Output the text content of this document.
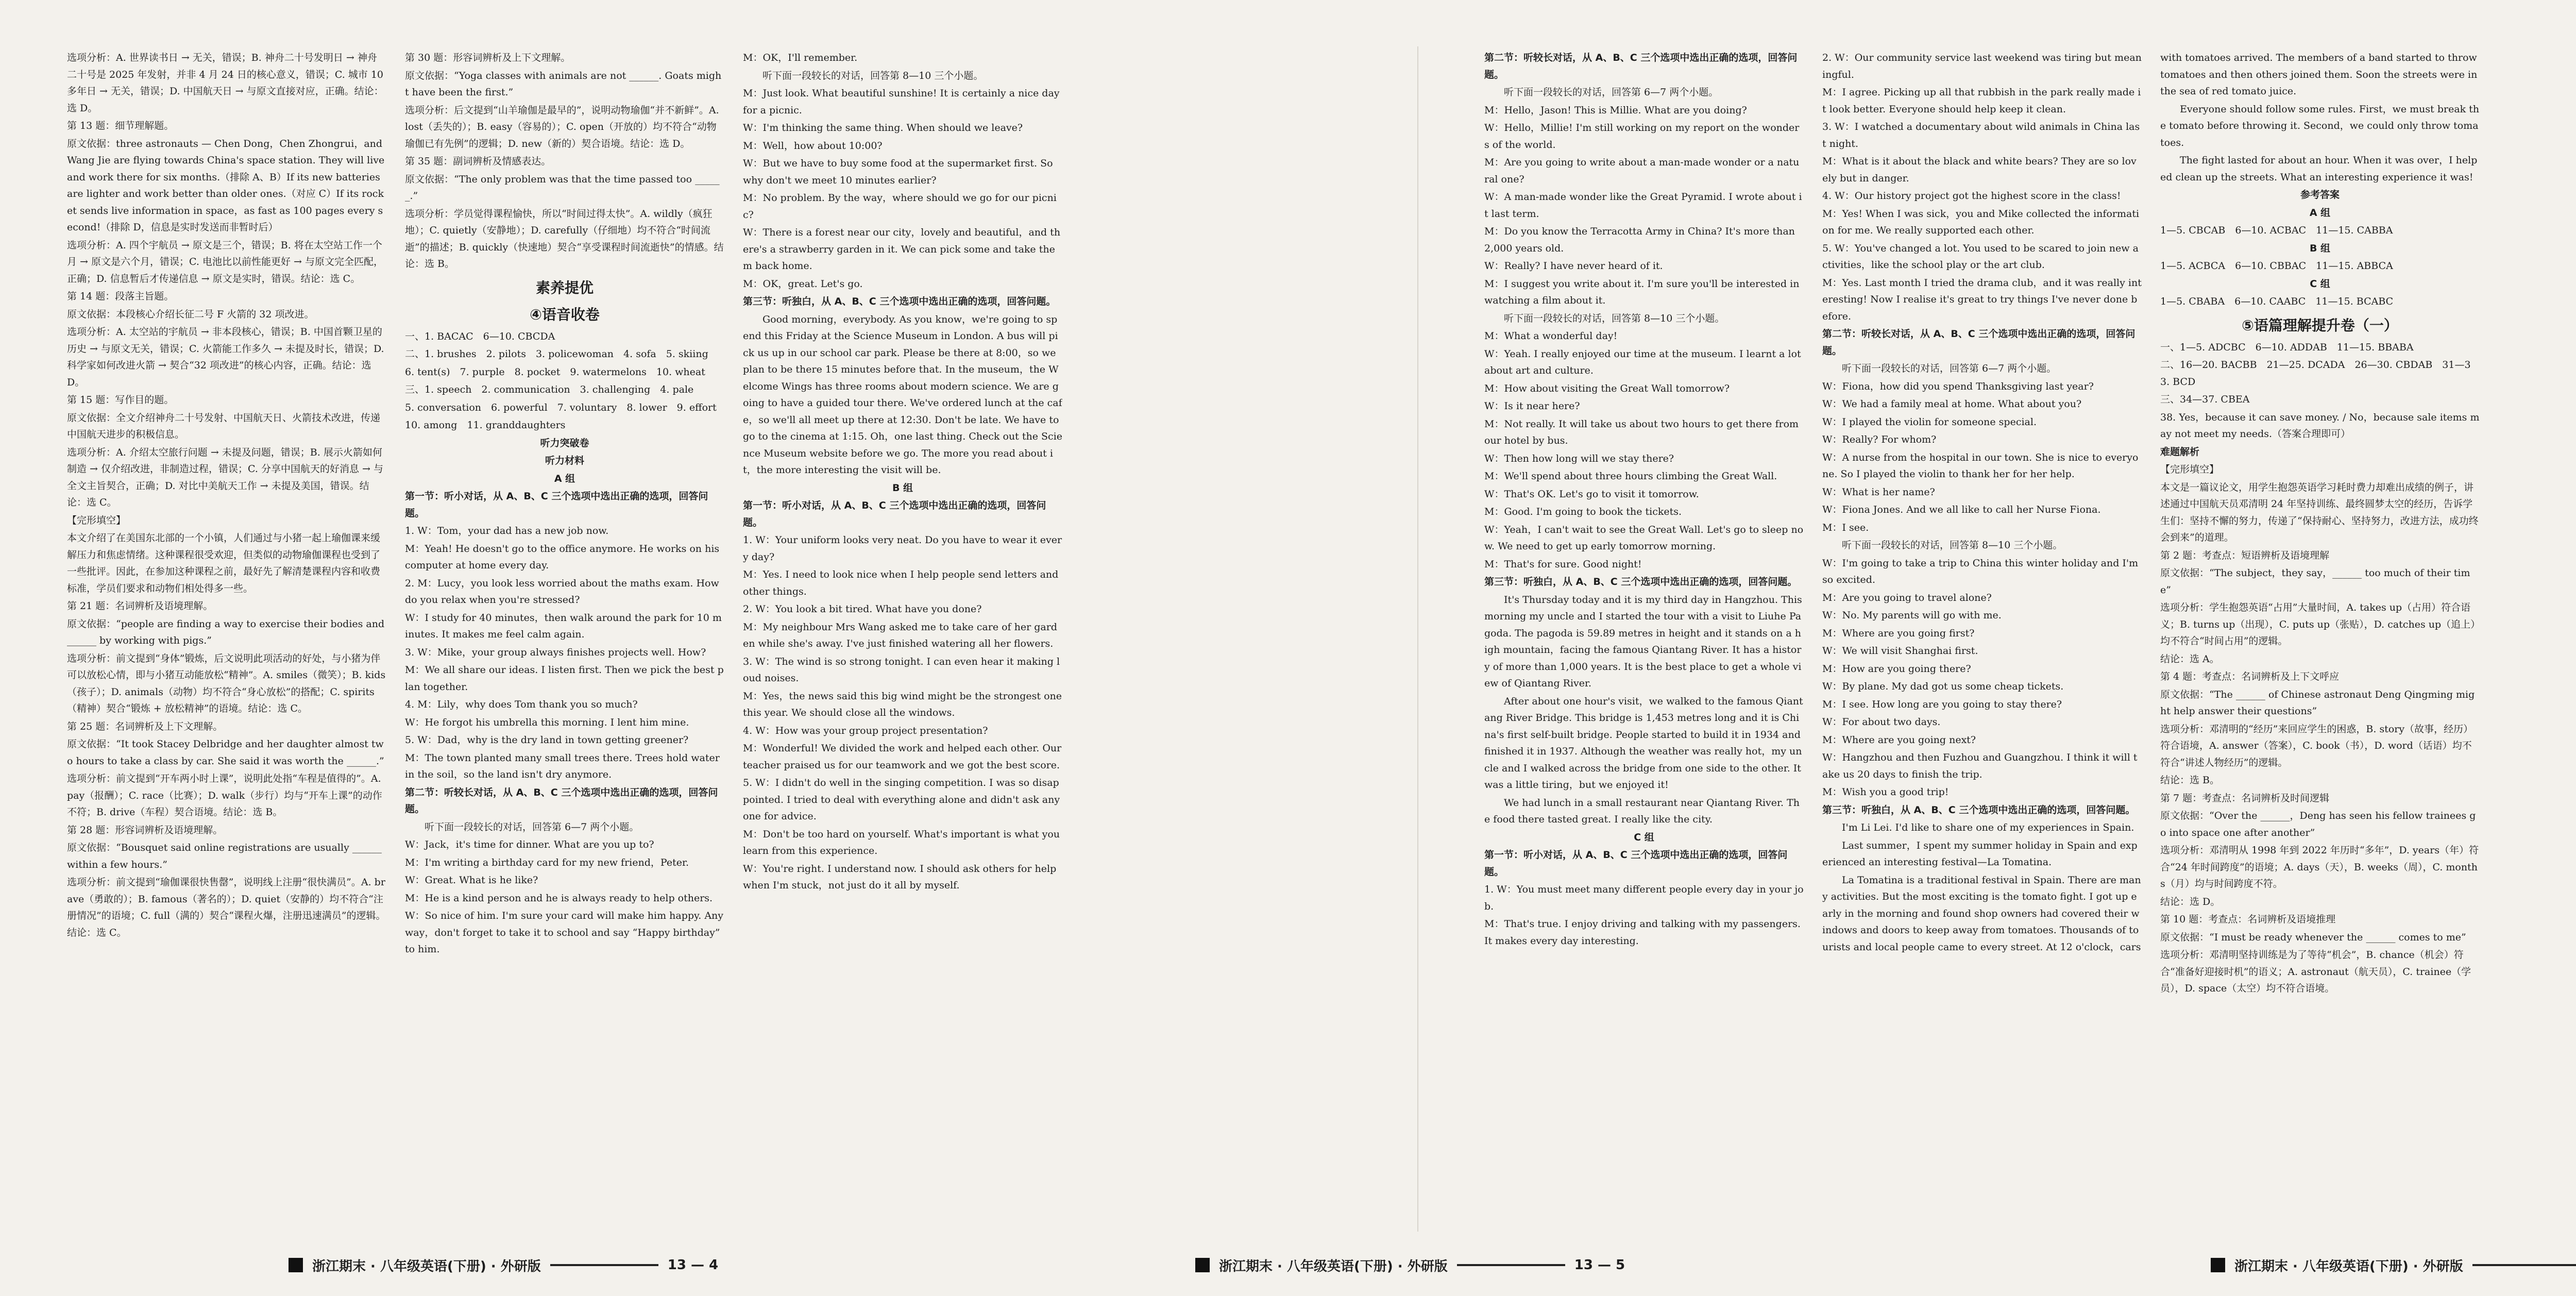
选项分析：A. 世界读书日 → 无关，错误；B. 神舟二十号发明日 → 神舟二十号是 2025 年发射，并非 4 月 24 日的核心意义，错误；C. 城市 10 多年日 → 无关，错误；D. 中国航天日 → 与原文直接对应，正确。结论：选 D。

第 13 题：细节理解题。

原文依据：three astronauts — Chen Dong，Chen Zhongrui，and Wang Jie are flying towards China's space station. They will live and work there for six months.（排除 A、B）If its new batteries are lighter and work better than older ones.（对应 C）If its rocket sends live information in space，as fast as 100 pages every second!（排除 D，信息是实时发送而非暂时后）

选项分析：A. 四个宇航员 → 原文是三个，错误；B. 将在太空站工作一个月 → 原文是六个月，错误；C. 电池比以前性能更好 → 与原文完全匹配，正确；D. 信息暂后才传递信息 → 原文是实时，错误。结论：选 C。

第 14 题：段落主旨题。

原文依据：本段核心介绍长征二号 F 火箭的 32 项改进。

选项分析：A. 太空站的宇航员 → 非本段核心，错误；B. 中国首颗卫星的历史 → 与原文无关，错误；C. 火箭能工作多久 → 未提及时长，错误；D. 科学家如何改进火箭 → 契合“32 项改进”的核心内容，正确。结论：选 D。

第 15 题：写作目的题。

原文依据：全文介绍神舟二十号发射、中国航天日、火箭技术改进，传递中国航天进步的积极信息。

选项分析：A. 介绍太空旅行问题 → 未提及问题，错误；B. 展示火箭如何制造 → 仅介绍改进，非制造过程，错误；C. 分享中国航天的好消息 → 与全文主旨契合，正确；D. 对比中美航天工作 → 未提及美国，错误。结论：选 C。

【完形填空】

本文介绍了在美国东北部的一个小镇，人们通过与小猪一起上瑜伽课来缓解压力和焦虑情绪。这种课程很受欢迎，但类似的动物瑜伽课程也受到了一些批评。因此，在参加这种课程之前，最好先了解清楚课程内容和收费标准，学员们要求和动物们相处得多一些。

第 21 题：名词辨析及语境理解。

原文依据：“people are finding a way to exercise their bodies and ______ by working with pigs.”

选项分析：前文提到“身体”锻炼，后文说明此项活动的好处，与小猪为伴可以放松心情，即与小猪互动能放松“精神”。A. smiles（微笑）；B. kids（孩子）；D. animals（动物）均不符合“身心放松”的搭配；C. spirits（精神）契合“锻炼 + 放松精神”的语境。结论：选 C。

第 25 题：名词辨析及上下文理解。

原文依据：“It took Stacey Delbridge and her daughter almost two hours to take a class by car. She said it was worth the ______.”

选项分析：前文提到“开车两小时上课”，说明此处指“车程是值得的”。A. pay（报酬）；C. race（比赛）；D. walk（步行）均与“开车上课”的动作不符；B. drive（车程）契合语境。结论：选 B。

第 28 题：形容词辨析及语境理解。

原文依据：“Bousquet said online registrations are usually ______ within a few hours.”

选项分析：前文提到“瑜伽课很快售罄”，说明线上注册“很快满员”。A. brave（勇敢的）；B. famous（著名的）；D. quiet（安静的）均不符合“注册情况”的语境；C. full（满的）契合“课程火爆，注册迅速满员”的逻辑。结论：选 C。

第 30 题：形容词辨析及上下文理解。

原文依据：“Yoga classes with animals are not ______. Goats might have been the first.”

选项分析：后文提到“山羊瑜伽是最早的”，说明动物瑜伽“并不新鲜”。A. lost（丢失的）；B. easy（容易的）；C. open（开放的）均不符合“动物瑜伽已有先例”的逻辑；D. new（新的）契合语境。结论：选 D。

第 35 题：副词辨析及情感表达。

原文依据：“The only problem was that the time passed too ______.”

选项分析：学员觉得课程愉快，所以“时间过得太快”。A. wildly（疯狂地）；C. quietly（安静地）；D. carefully（仔细地）均不符合“时间流逝”的描述；B. quickly（快速地）契合“享受课程时间流逝快”的情感。结论：选 B。

素养提优

④语音收卷

一、1. BACAC　6—10. CBCDA

二、1. brushes　2. pilots　3. policewoman　4. sofa　5. skiing

6. tent(s)　7. purple　8. pocket　9. watermelons　10. wheat

三、1. speech　2. communication　3. challenging　4. pale

5. conversation　6. powerful　7. voluntary　8. lower　9. effort

10. among　11. granddaughters

听力突破卷

听力材料

A 组

第一节：听小对话，从 A、B、C 三个选项中选出正确的选项，回答问题。

1. W：Tom，your dad has a new job now.

M：Yeah! He doesn't go to the office anymore. He works on his computer at home every day.

2. M：Lucy，you look less worried about the maths exam. How do you relax when you're stressed?

W：I study for 40 minutes，then walk around the park for 10 minutes. It makes me feel calm again.

3. W：Mike，your group always finishes projects well. How?

M：We all share our ideas. I listen first. Then we pick the best plan together.

4. M：Lily，why does Tom thank you so much?

W：He forgot his umbrella this morning. I lent him mine.

5. W：Dad，why is the dry land in town getting greener?

M：The town planted many small trees there. Trees hold water in the soil，so the land isn't dry anymore.

第二节：听较长对话，从 A、B、C 三个选项中选出正确的选项，回答问题。

听下面一段较长的对话，回答第 6—7 两个小题。

W：Jack，it's time for dinner. What are you up to?

M：I'm writing a birthday card for my new friend，Peter.

W：Great. What is he like?

M：He is a kind person and he is always ready to help others.

W：So nice of him. I'm sure your card will make him happy. Anyway，don't forget to take it to school and say “Happy birthday” to him.

M：OK，I'll remember.

听下面一段较长的对话，回答第 8—10 三个小题。

M：Just look. What beautiful sunshine! It is certainly a nice day for a picnic.

W：I'm thinking the same thing. When should we leave?

M：Well，how about 10:00?

W：But we have to buy some food at the supermarket first. So why don't we meet 10 minutes earlier?

M：No problem. By the way，where should we go for our picnic?

W：There is a forest near our city，lovely and beautiful，and there's a strawberry garden in it. We can pick some and take them back home.

M：OK，great. Let's go.

第三节：听独白，从 A、B、C 三个选项中选出正确的选项，回答问题。

Good morning，everybody. As you know，we're going to spend this Friday at the Science Museum in London. A bus will pick us up in our school car park. Please be there at 8:00，so we plan to be there 15 minutes before that. In the museum，the Welcome Wings has three rooms about modern science. We are going to have a guided tour there. We've ordered lunch at the cafe，so we'll all meet up there at 12:30. Don't be late. We have to go to the cinema at 1:15. Oh，one last thing. Check out the Science Museum website before we go. The more you read about it，the more interesting the visit will be.

B 组

第一节：听小对话，从 A、B、C 三个选项中选出正确的选项，回答问题。

1. W：Your uniform looks very neat. Do you have to wear it every day?

M：Yes. I need to look nice when I help people send letters and other things.

2. W：You look a bit tired. What have you done?

M：My neighbour Mrs Wang asked me to take care of her garden while she's away. I've just finished watering all her flowers.

3. W：The wind is so strong tonight. I can even hear it making loud noises.

M：Yes，the news said this big wind might be the strongest one this year. We should close all the windows.

4. W：How was your group project presentation?

M：Wonderful! We divided the work and helped each other. Our teacher praised us for our teamwork and we got the best score.

5. W：I didn't do well in the singing competition. I was so disappointed. I tried to deal with everything alone and didn't ask anyone for advice.

M：Don't be too hard on yourself. What's important is what you learn from this experience.

W：You're right. I understand now. I should ask others for help when I'm stuck，not just do it all by myself.

浙江期末 · 八年级英语(下册) · 外研版	13 — 4	浙江期末 · 八年级英语(下册) · 外研版	13 — 5

第二节：听较长对话，从 A、B、C 三个选项中选出正确的选项，回答问题。

听下面一段较长的对话，回答第 6—7 两个小题。

M：Hello，Jason! This is Millie. What are you doing?

W：Hello，Millie! I'm still working on my report on the wonders of the world.

M：Are you going to write about a man-made wonder or a natural one?

W：A man-made wonder like the Great Pyramid. I wrote about it last term.

M：Do you know the Terracotta Army in China? It's more than 2,000 years old.

W：Really? I have never heard of it.

M：I suggest you write about it. I'm sure you'll be interested in watching a film about it.

听下面一段较长的对话，回答第 8—10 三个小题。

M：What a wonderful day!

W：Yeah. I really enjoyed our time at the museum. I learnt a lot about art and culture.

M：How about visiting the Great Wall tomorrow?

W：Is it near here?

M：Not really. It will take us about two hours to get there from our hotel by bus.

W：Then how long will we stay there?

M：We'll spend about three hours climbing the Great Wall.

W：That's OK. Let's go to visit it tomorrow.

M：Good. I'm going to book the tickets.

W：Yeah，I can't wait to see the Great Wall. Let's go to sleep now. We need to get up early tomorrow morning.

M：That's for sure. Good night!

第三节：听独白，从 A、B、C 三个选项中选出正确的选项，回答问题。

It's Thursday today and it is my third day in Hangzhou. This morning my uncle and I started the tour with a visit to Liuhe Pagoda. The pagoda is 59.89 metres in height and it stands on a high mountain，facing the famous Qiantang River. It has a history of more than 1,000 years. It is the best place to get a whole view of Qiantang River.

After about one hour's visit，we walked to the famous Qiantang River Bridge. This bridge is 1,453 metres long and it is China's first self-built bridge. People started to build it in 1934 and finished it in 1937. Although the weather was really hot，my uncle and I walked across the bridge from one side to the other. It was a little tiring，but we enjoyed it!

We had lunch in a small restaurant near Qiantang River. The food there tasted great. I really like the city.

C 组

第一节：听小对话，从 A、B、C 三个选项中选出正确的选项，回答问题。

1. W：You must meet many different people every day in your job.

M：That's true. I enjoy driving and talking with my passengers. It makes every day interesting.

2. W：Our community service last weekend was tiring but meaningful.

M：I agree. Picking up all that rubbish in the park really made it look better. Everyone should help keep it clean.

3. W：I watched a documentary about wild animals in China last night.

M：What is it about the black and white bears? They are so lovely but in danger.

4. W：Our history project got the highest score in the class!

M：Yes! When I was sick，you and Mike collected the information for me. We really supported each other.

5. W：You've changed a lot. You used to be scared to join new activities，like the school play or the art club.

M：Yes. Last month I tried the drama club，and it was really interesting! Now I realise it's great to try things I've never done before.

第二节：听较长对话，从 A、B、C 三个选项中选出正确的选项，回答问题。

听下面一段较长的对话，回答第 6—7 两个小题。

W：Fiona，how did you spend Thanksgiving last year?

W：We had a family meal at home. What about you?

W：I played the violin for someone special.

W：Really? For whom?

W：A nurse from the hospital in our town. She is nice to everyone. So I played the violin to thank her for her help.

W：What is her name?

W：Fiona Jones. And we all like to call her Nurse Fiona.

M：I see.

听下面一段较长的对话，回答第 8—10 三个小题。

W：I'm going to take a trip to China this winter holiday and I'm so excited.

M：Are you going to travel alone?

W：No. My parents will go with me.

M：Where are you going first?

W：We will visit Shanghai first.

M：How are you going there?

W：By plane. My dad got us some cheap tickets.

M：I see. How long are you going to stay there?

W：For about two days.

M：Where are you going next?

W：Hangzhou and then Fuzhou and Guangzhou. I think it will take us 20 days to finish the trip.

M：Wish you a good trip!

第三节：听独白，从 A、B、C 三个选项中选出正确的选项，回答问题。

I'm Li Lei. I'd like to share one of my experiences in Spain.

Last summer，I spent my summer holiday in Spain and experienced an interesting festival—La Tomatina.

La Tomatina is a traditional festival in Spain. There are many activities. But the most exciting is the tomato fight. I got up early in the morning and found shop owners had covered their windows and doors to keep away from tomatoes. Thousands of tourists and local people came to every street. At 12 o'clock，cars

with tomatoes arrived. The members of a band started to throw tomatoes and then others joined them. Soon the streets were in the sea of red tomato juice.

Everyone should follow some rules. First，we must break the tomato before throwing it. Second，we could only throw tomatoes.

The fight lasted for about an hour. When it was over，I helped clean up the streets. What an interesting experience it was!

参考答案

A 组

1—5. CBCAB　6—10. ACBAC　11—15. CABBA

B 组

1—5. ACBCA　6—10. CBBAC　11—15. ABBCA

C 组

1—5. CBABA　6—10. CAABC　11—15. BCABC

⑤语篇理解提升卷（一）

一、1—5. ADCBC　6—10. ADDAB　11—15. BBABA

二、16—20. BACBB　21—25. DCADA　26—30. CBDAB　31—33. BCD

三、34—37. CBEA

38. Yes，because it can save money. / No，because sale items may not meet my needs.（答案合理即可）

难题解析

【完形填空】

本文是一篇议论文，用学生抱怨英语学习耗时费力却难出成绩的例子，讲述通过中国航天员邓清明 24 年坚持训练、最终圆梦太空的经历，告诉学生们：坚持不懈的努力，传递了“保持耐心、坚持努力，改进方法，成功终会到来”的道理。

第 2 题：考查点：短语辨析及语境理解

原文依据：“The subject，they say，______ too much of their time”

选项分析：学生抱怨英语“占用”大量时间，A. takes up（占用）符合语义；B. turns up（出现），C. puts up（张贴），D. catches up（追上）均不符合“时间占用”的逻辑。

结论：选 A。

第 4 题：考查点：名词辨析及上下文呼应

原文依据：“The ______ of Chinese astronaut Deng Qingming might help answer their questions”

选项分析：邓清明的“经历”来回应学生的困惑，B. story（故事，经历）符合语境，A. answer（答案），C. book（书），D. word（话语）均不符合“讲述人物经历”的逻辑。

结论：选 B。

第 7 题：考查点：名词辨析及时间逻辑

原文依据：“Over the ______，Deng has seen his fellow trainees go into space one after another”

选项分析：邓清明从 1998 年到 2022 年历时“多年”，D. years（年）符合“24 年时间跨度”的语境；A. days（天），B. weeks（周），C. months（月）均与时间跨度不符。

结论：选 D。

第 10 题：考查点：名词辨析及语境推理

原文依据：“I must be ready whenever the ______ comes to me”

选项分析：邓清明坚持训练是为了等待“机会”，B. chance（机会）符合“准备好迎接时机”的语义；A. astronaut（航天员），C. trainee（学员），D. space（太空）均不符合语境。

浙江期末 · 八年级英语(下册) · 外研版
